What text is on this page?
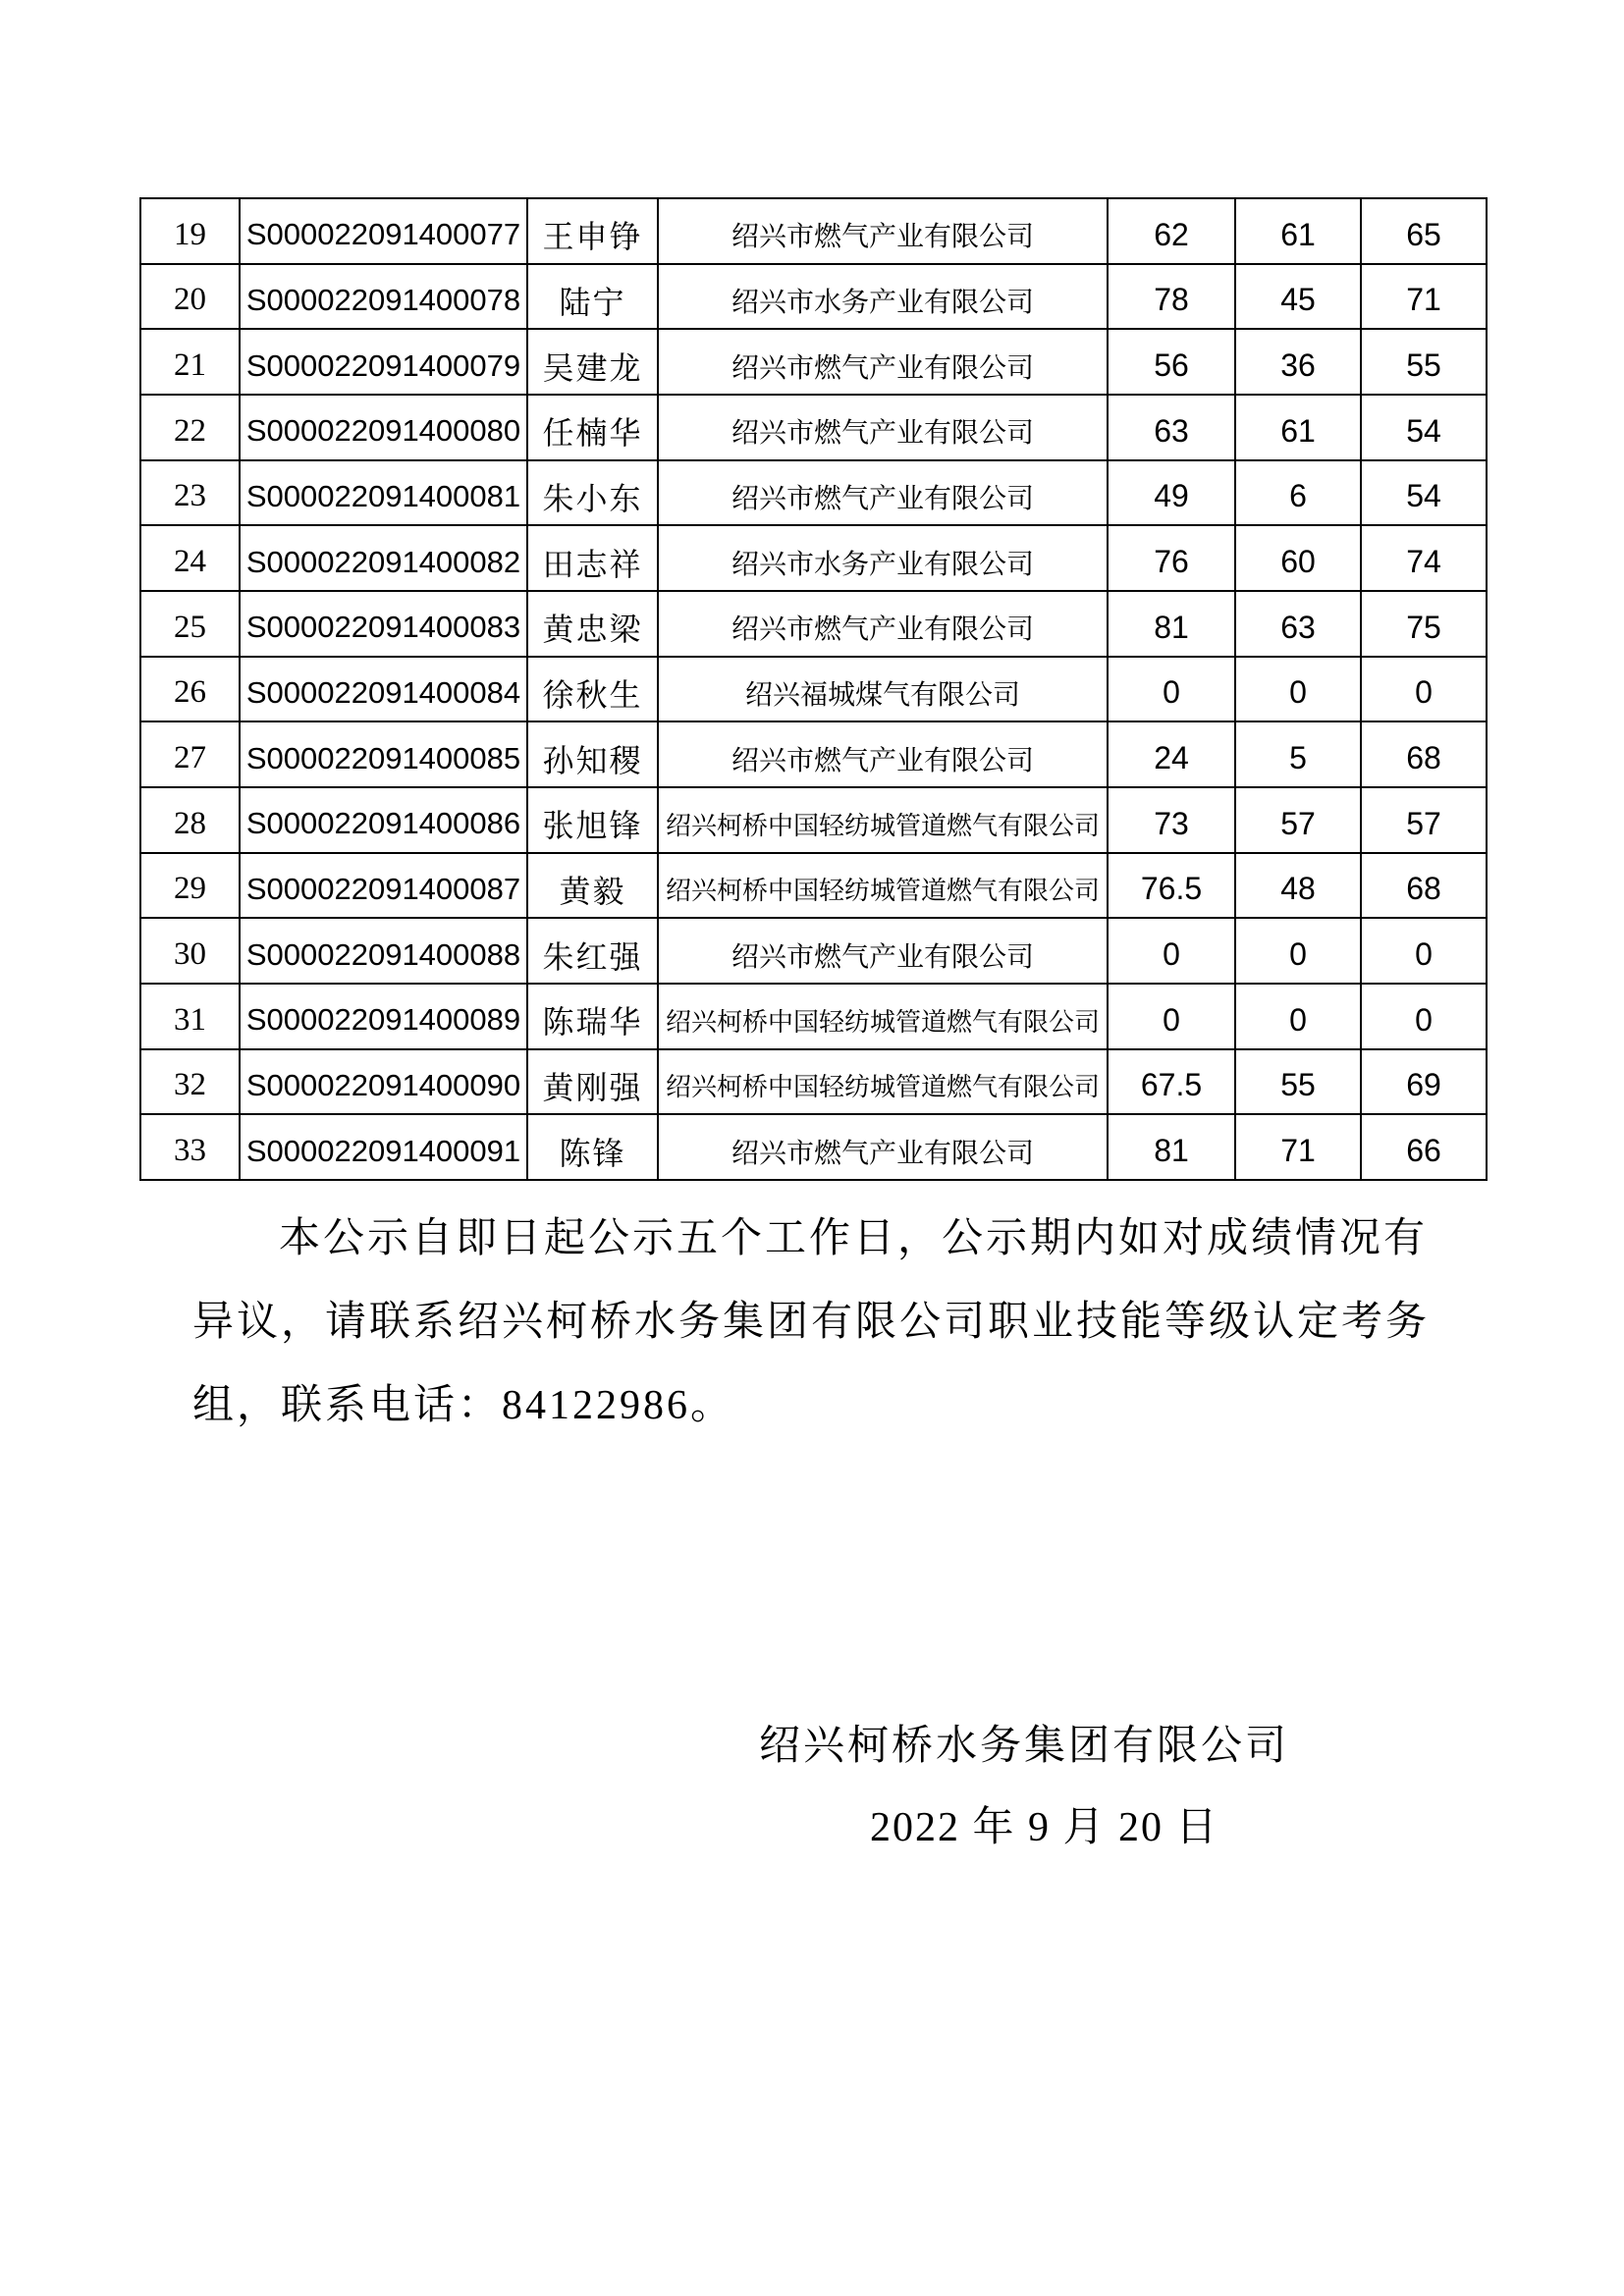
19	S000022091400077	王申铮	绍兴市燃气产业有限公司	62	61	65
20	S000022091400078	陆宁	绍兴市水务产业有限公司	78	45	71
21	S000022091400079	吴建龙	绍兴市燃气产业有限公司	56	36	55
22	S000022091400080	任楠华	绍兴市燃气产业有限公司	63	61	54
23	S000022091400081	朱小东	绍兴市燃气产业有限公司	49	6	54
24	S000022091400082	田志祥	绍兴市水务产业有限公司	76	60	74
25	S000022091400083	黄忠梁	绍兴市燃气产业有限公司	81	63	75
26	S000022091400084	徐秋生	绍兴福城煤气有限公司	0	0	0
27	S000022091400085	孙知稷	绍兴市燃气产业有限公司	24	5	68
28	S000022091400086	张旭锋	绍兴柯桥中国轻纺城管道燃气有限公司	73	57	57
29	S000022091400087	黄毅	绍兴柯桥中国轻纺城管道燃气有限公司	76.5	48	68
30	S000022091400088	朱红强	绍兴市燃气产业有限公司	0	0	0
31	S000022091400089	陈瑞华	绍兴柯桥中国轻纺城管道燃气有限公司	0	0	0
32	S000022091400090	黄刚强	绍兴柯桥中国轻纺城管道燃气有限公司	67.5	55	69
33	S000022091400091	陈锋	绍兴市燃气产业有限公司	81	71	66
本公示自即日起公示五个工作日，公示期内如对成绩情况有
异议，请联系绍兴柯桥水务集团有限公司职业技能等级认定考务
组，联系电话：84122986。
绍兴柯桥水务集团有限公司
2022 年 9 月 20 日
